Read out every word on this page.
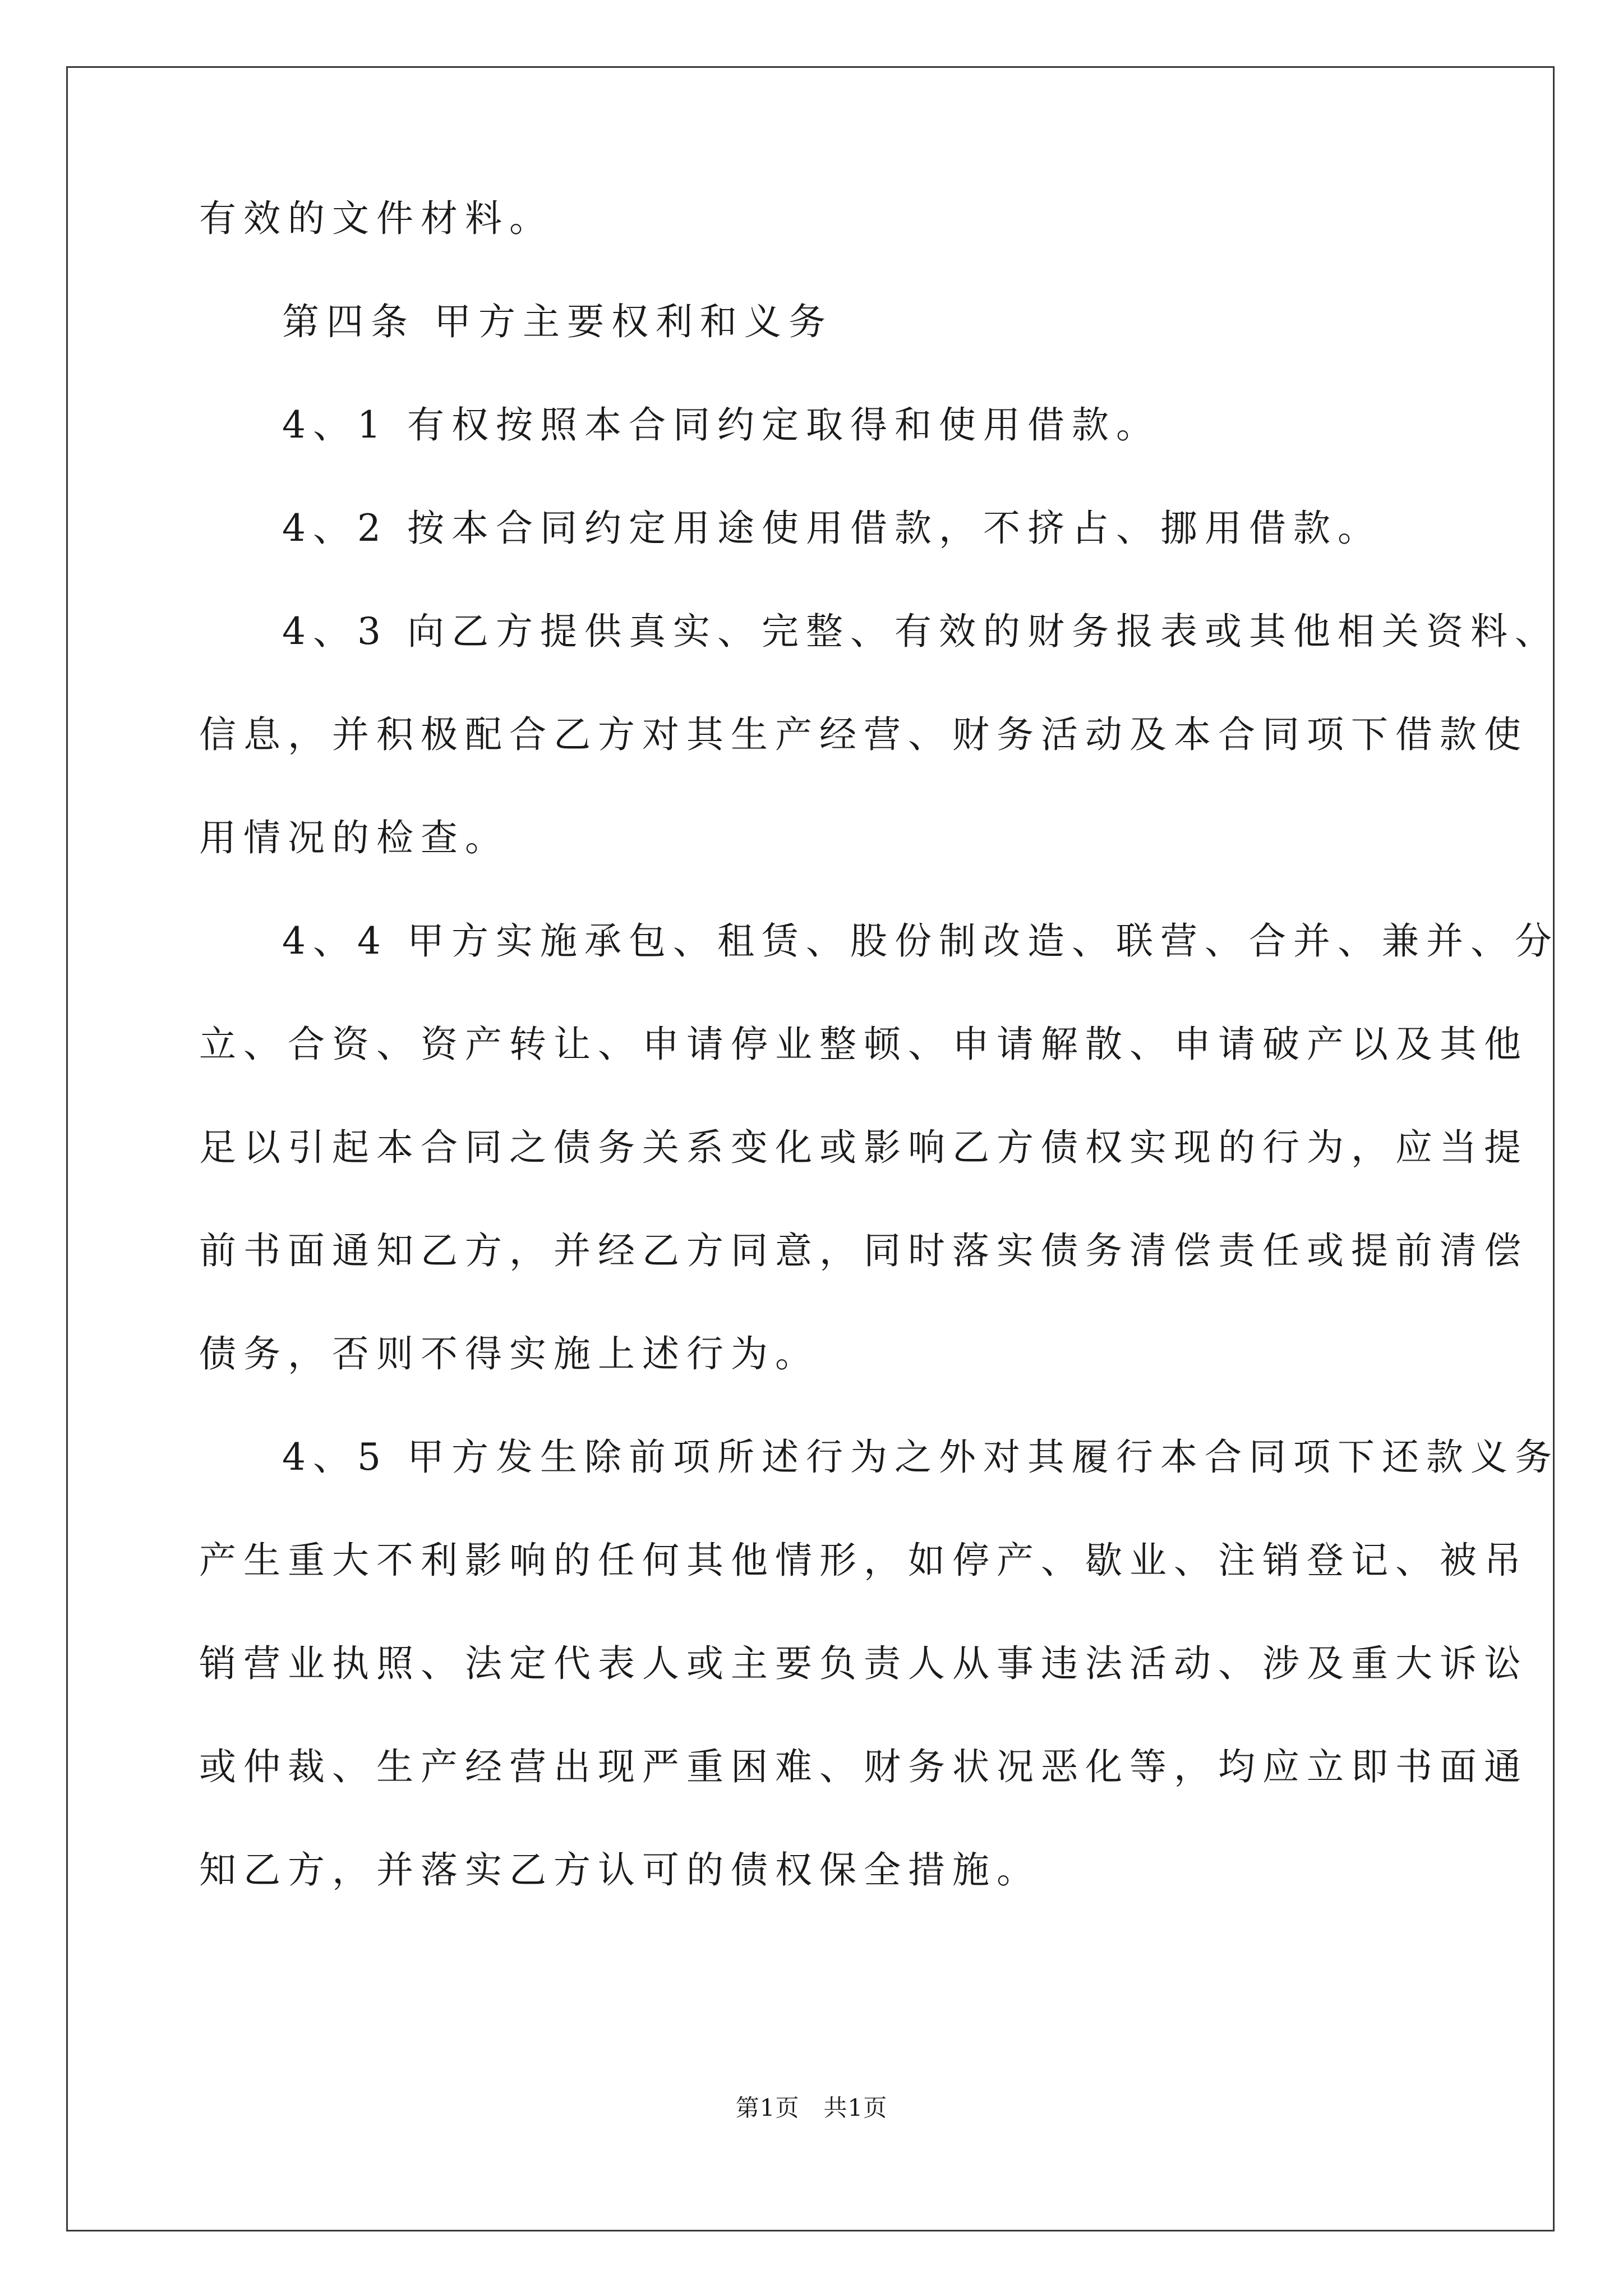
有效的文件材料。
第四条 甲方主要权利和义务
4、1 有权按照本合同约定取得和使用借款。
4、2 按本合同约定用途使用借款，不挤占、挪用借款。
4、3 向乙方提供真实、完整、有效的财务报表或其他相关资料、
信息，并积极配合乙方对其生产经营、财务活动及本合同项下借款使
用情况的检查。
4、4 甲方实施承包、租赁、股份制改造、联营、合并、兼并、分
立、合资、资产转让、申请停业整顿、申请解散、申请破产以及其他
足以引起本合同之债务关系变化或影响乙方债权实现的行为，应当提
前书面通知乙方，并经乙方同意，同时落实债务清偿责任或提前清偿
债务，否则不得实施上述行为。
4、5 甲方发生除前项所述行为之外对其履行本合同项下还款义务
产生重大不利影响的任何其他情形，如停产、歇业、注销登记、被吊
销营业执照、法定代表人或主要负责人从事违法活动、涉及重大诉讼
或仲裁、生产经营出现严重困难、财务状况恶化等，均应立即书面通
知乙方，并落实乙方认可的债权保全措施。
第1页　共1页
